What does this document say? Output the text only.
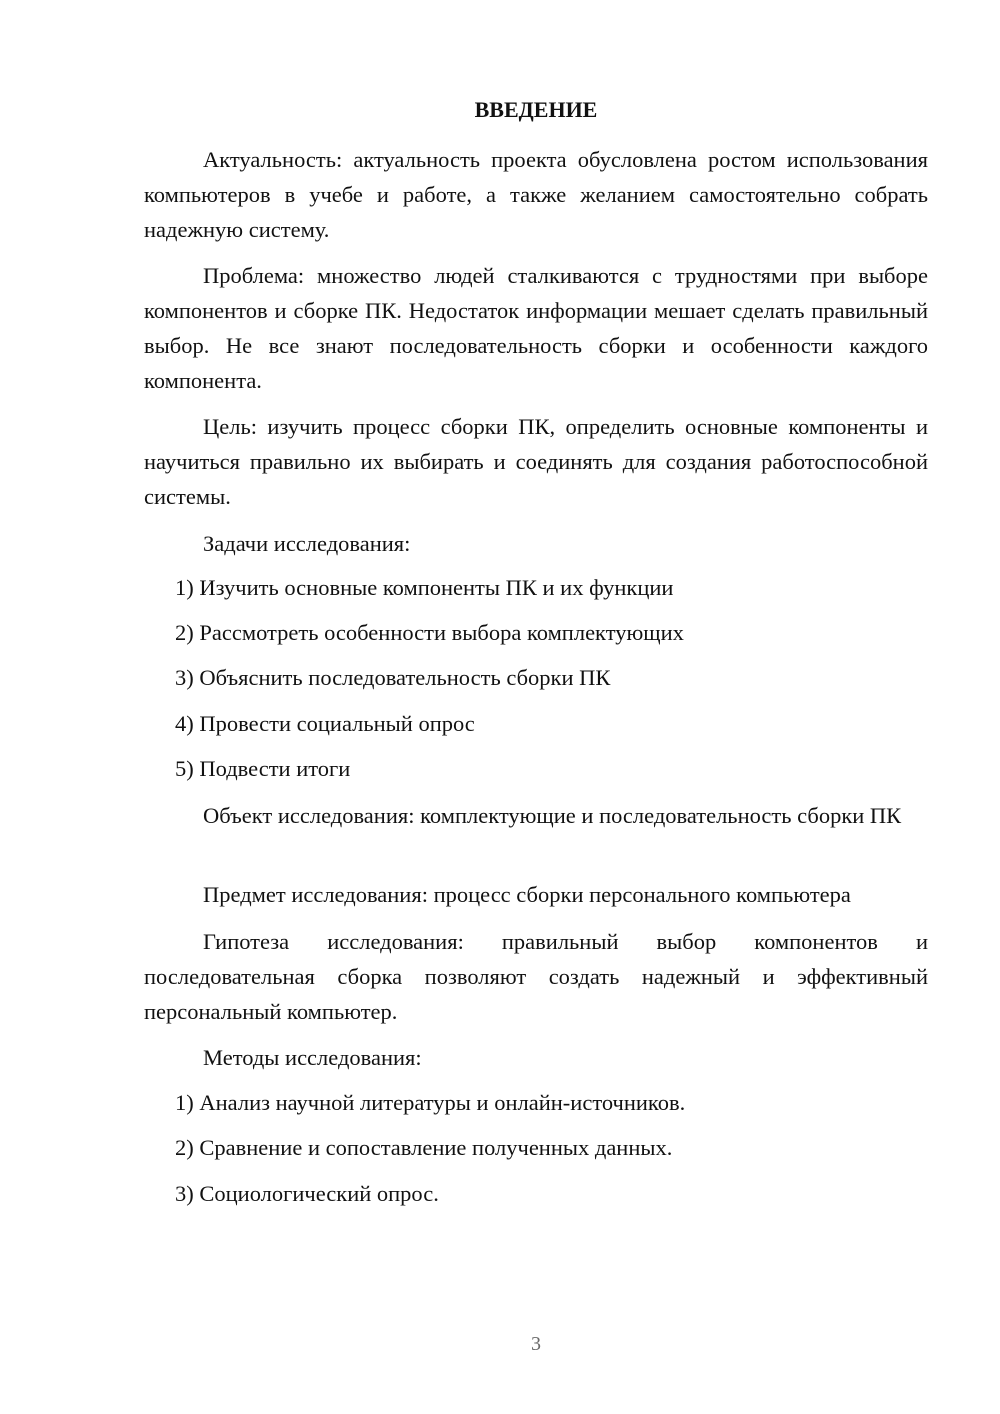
ВВЕДЕНИЕ
Актуальность: актуальность проекта обусловлена ростом использования компьютеров в учебе и работе, а также желанием самостоятельно собрать надежную систему.
Проблема: множество людей сталкиваются с трудностями при выборе компонентов и сборке ПК. Недостаток информации мешает сделать правильный выбор. Не все знают последовательность сборки и особенности каждого компонента.
Цель: изучить процесс сборки ПК, определить основные компоненты и научиться правильно их выбирать и соединять для создания работоспособной системы.
Задачи исследования:
1) Изучить основные компоненты ПК и их функции
2) Рассмотреть особенности выбора комплектующих
3) Объяснить последовательность сборки ПК
4) Провести социальный опрос
5) Подвести итоги
Объект исследования: комплектующие и последовательность сборки ПК
Предмет исследования: процесс сборки персонального компьютера
Гипотеза исследования: правильный выбор компонентов и последовательная сборка позволяют создать надежный и эффективный персональный компьютер.
Методы исследования:
1) Анализ научной литературы и онлайн-источников.
2) Сравнение и сопоставление полученных данных.
3) Социологический опрос.
3
